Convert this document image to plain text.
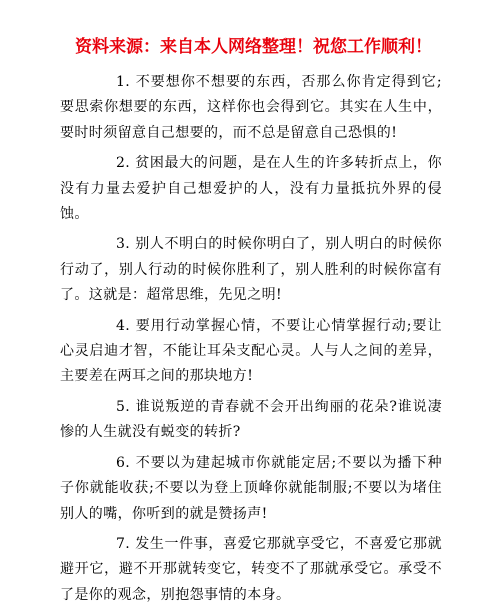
资料来源：来自本人网络整理！祝您工作顺利！

1. 不要想你不想要的东西，否那么你肯定得到它;要思索你想要的东西，这样你也会得到它。其实在人生中，要时时须留意自己想要的，而不总是留意自己恐惧的!

2. 贫困最大的问题，是在人生的许多转折点上，你没有力量去爱护自己想爱护的人，没有力量抵抗外界的侵蚀。

3. 别人不明白的时候你明白了，别人明白的时候你行动了，别人行动的时候你胜利了，别人胜利的时候你富有了。这就是：超常思维，先见之明!

4. 要用行动掌握心情，不要让心情掌握行动;要让心灵启迪才智，不能让耳朵支配心灵。人与人之间的差异，主要差在两耳之间的那块地方!

5. 谁说叛逆的青春就不会开出绚丽的花朵?谁说凄惨的人生就没有蜕变的转折?

6. 不要以为建起城市你就能定居;不要以为播下种子你就能收获;不要以为登上顶峰你就能制服;不要以为堵住别人的嘴，你听到的就是赞扬声!

7. 发生一件事，喜爱它那就享受它，不喜爱它那就避开它，避不开那就转变它，转变不了那就承受它。承受不了是你的观念，别抱怨事情的本身。
